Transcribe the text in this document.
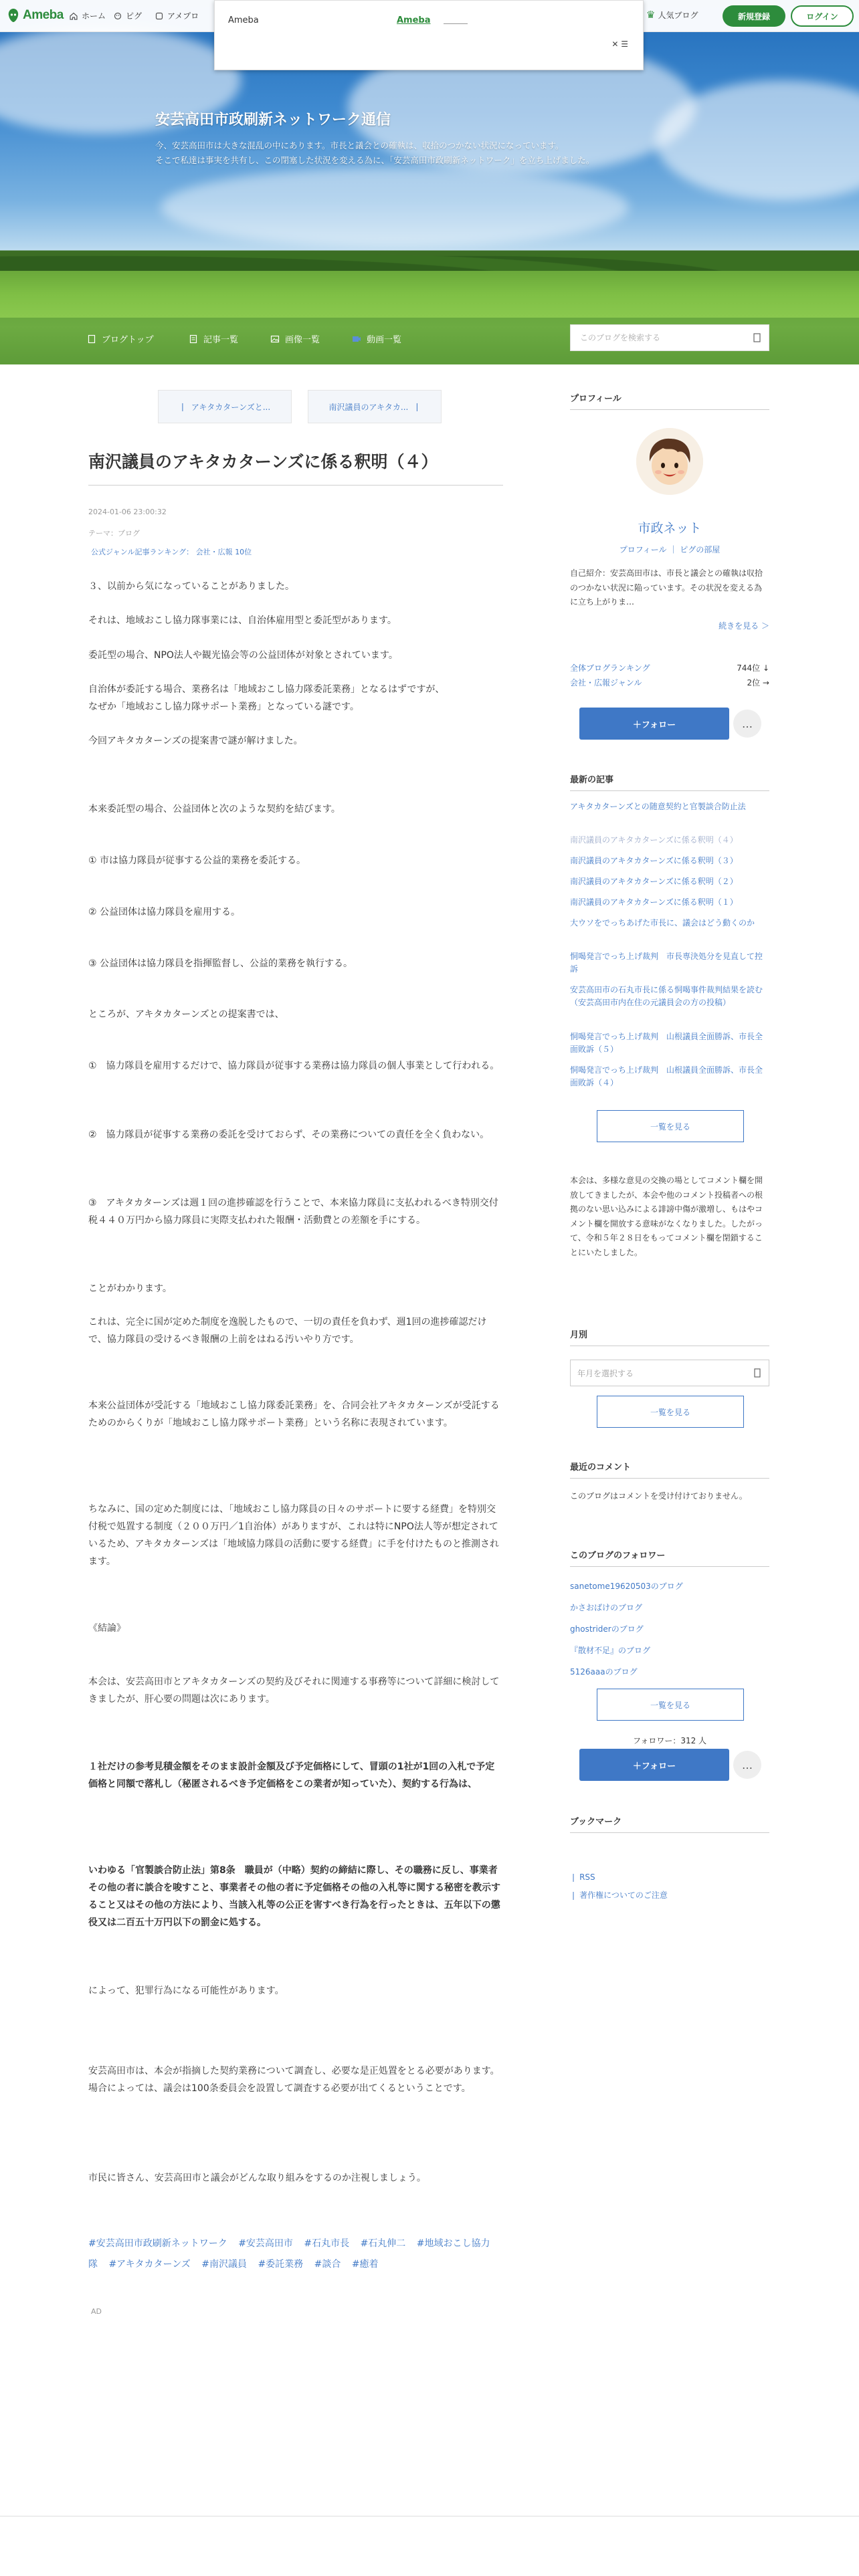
安芸高田市政刷新ネットワーク通信
今、安芸高田市は大きな混乱の中にあります。市長と議会との確執は、収拾のつかない状況になっています。
そこで私達は事実を共有し、この閉塞した状況を変える為に、「安芸高田市政刷新ネットワーク」を立ち上げました。
Ameba ホーム ピグ	アメプロ	♛ 人気ブログ	新規登録	ログイン
Ameba	Ameba
✕ ☰
ブログトップ	記事一覧	画像一覧	動画一覧
このブログを検索する
❘ アキタカターンズと...	南沢議員のアキタカ... ❘
南沢議員のアキタカターンズに係る釈明（４）
2024-01-06 23:00:32
テーマ：ブログ
公式ジャンル記事ランキング： 会社・広報 10位

３、以前から気になっていることがありました。

それは、地域おこし協力隊事業には、自治体雇用型と委託型があります。

委託型の場合、NPO法人や観光協会等の公益団体が対象とされています。

自治体が委託する場合、業務名は「地域おこし協力隊委託業務」となるはずですが、

なぜか「地域おこし協力隊サポート業務」となっている謎です。

今回アキタカターンズの提案書で謎が解けました。

本来委託型の場合、公益団体と次のような契約を結びます。

① 市は協力隊員が従事する公益的業務を委託する。

② 公益団体は協力隊員を雇用する。

③ 公益団体は協力隊員を指揮監督し、公益的業務を執行する。

ところが、アキタカターンズとの提案書では、

①　協力隊員を雇用するだけで、協力隊員が従事する業務は協力隊員の個人事業として行われる。

②　協力隊員が従事する業務の委託を受けておらず、その業務についての責任を全く負わない。

③　アキタカターンズは週１回の進捗確認を行うことで、本来協力隊員に支払われるべき特別交付税４４０万円から協力隊員に実際支払われた報酬・活動費との差額を手にする。

ことがわかります。

これは、完全に国が定めた制度を逸脱したもので、一切の責任を負わず、週1回の進捗確認だけで、協力隊員の受けるべき報酬の上前をはねる汚いやり方です。

本来公益団体が受託する「地域おこし協力隊委託業務」を、合同会社アキタカターンズが受託するためのからくりが「地域おこし協力隊サポート業務」という名称に表現されています。

ちなみに、国の定めた制度には、「地域おこし協力隊員の日々のサポートに要する経費」を特別交付税で処置する制度（２００万円／1自治体）がありますが、これは特にNPO法人等が想定されているため、アキタカターンズは「地域協力隊員の活動に要する経費」に手を付けたものと推測されます。

《結論》

本会は、安芸高田市とアキタカターンズの契約及びそれに関連する事務等について詳細に検討してきましたが、肝心要の問題は次にあります。

１社だけの参考見積金額をそのまま設計金額及び予定価格にして、冒頭の1社が1回の入札で予定価格と同額で落札し（秘匿されるべき予定価格をこの業者が知っていた）、契約する行為は、

いわゆる「官製談合防止法」第8条　職員が（中略）契約の締結に際し、その職務に反し、事業者その他の者に談合を唆すこと、事業者その他の者に予定価格その他の入札等に関する秘密を教示すること又はその他の方法により、当該入札等の公正を害すべき行為を行ったときは、五年以下の懲役又は二百五十万円以下の罰金に処する。

によって、犯罪行為になる可能性があります。

安芸高田市は、本会が指摘した契約業務について調査し、必要な是正処置をとる必要があります。場合によっては、議会は100条委員会を設置して調査する必要が出てくるということです。

市民に皆さん、安芸高田市と議会がどんな取り組みをするのか注視しましょう。

#安芸高田市政刷新ネットワーク #安芸高田市 #石丸市長 #石丸伸二 #地域おこし協力隊 #アキタカターンズ #南沢議員 #委託業務 #談合 #癒着
AD
プロフィール
市政ネット
プロフィール ｜ ピグの部屋
自己紹介：安芸高田市は、市長と議会との確執は収拾のつかない状況に陥っています。その状況を変える為に立ち上がりま…
続きを見る ＞
全体ブログランキング	744位 ↓
会社・広報ジャンル	2位 →
＋フォロー	…
最新の記事
アキタカターンズとの随意契約と官製談合防止法
南沢議員のアキタカターンズに係る釈明（４）
南沢議員のアキタカターンズに係る釈明（３）
南沢議員のアキタカターンズに係る釈明（２）
南沢議員のアキタカターンズに係る釈明（１）
大ウソをでっちあげた市長に、議会はどう動くのか
恫喝発言でっち上げ裁判　市長専決処分を見直して控訴
安芸高田市の石丸市長に係る恫喝事件裁判結果を読む（安芸高田市内在住の元議員会の方の投稿）
恫喝発言でっち上げ裁判　山根議員全面勝訴、市長全面敗訴（５）
恫喝発言でっち上げ裁判　山根議員全面勝訴、市長全面敗訴（４）
一覧を見る
本会は、多様な意見の交換の場としてコメント欄を開放してきましたが、本会や他のコメント投稿者への根拠のない思い込みによる誹謗中傷が激増し、もはやコメント欄を開放する意味がなくなりました。したがって、令和５年２８日をもってコメント欄を閉鎖することにいたしました。
月別
年月を選択する
一覧を見る
最近のコメント
このブログはコメントを受け付けておりません。
このブログのフォロワー
sanetome19620503のブログ
かさおばけのブログ
ghostriderのブログ
『散材不足』のブログ
5126aaaのブログ
一覧を見る
フォロワー：312 人
＋フォロー	…
ブックマーク
❘ RSS
❘ 著作権についてのご注意
